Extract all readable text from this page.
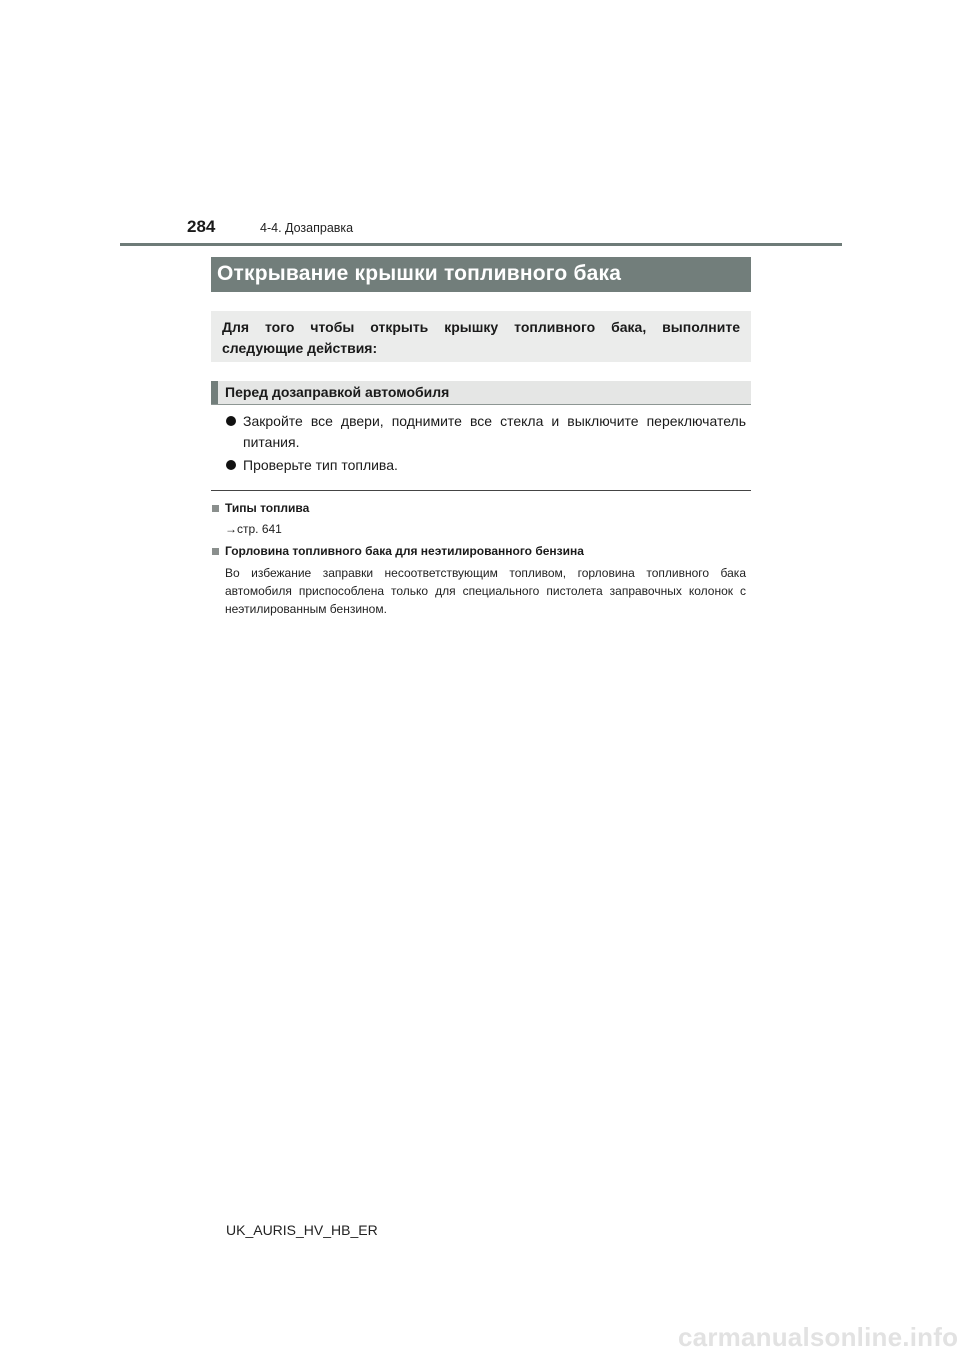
284	4-4. Дозаправка
Открывание крышки топливного бака

Для того чтобы открыть крышку топливного бака, выполните следующие действия:

Перед дозаправкой автомобиля
Закройте все двери, поднимите все стекла и выключите переключатель питания.
Проверьте тип топлива.
Типы топлива
→стр. 641
Горловина топливного бака для неэтилированного бензина
Во избежание заправки несоответствующим топливом, горловина топливного бака автомобиля приспособлена только для специального пистолета заправочных колонок с неэтилированным бензином.
UK_AURIS_HV_HB_ER
carmanualsonline.info
